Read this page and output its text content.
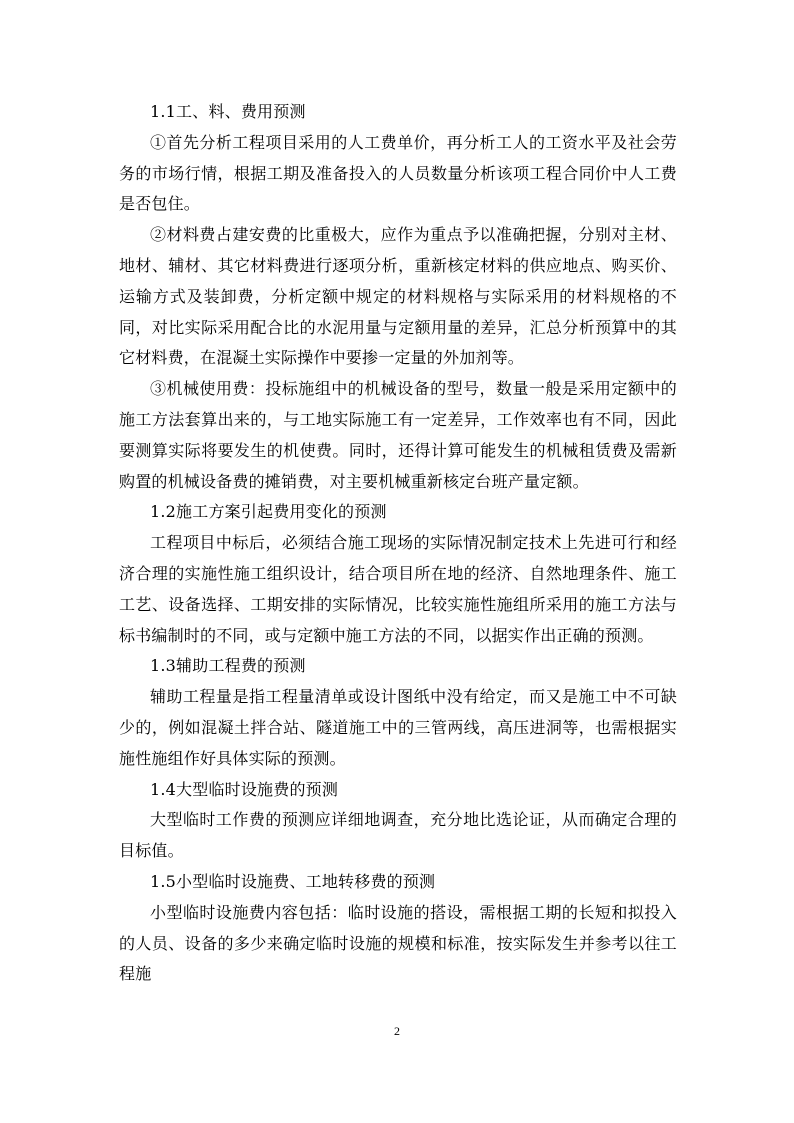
1.1工、料、费用预测

①首先分析工程项目采用的人工费单价，再分析工人的工资水平及社会劳务的市场行情，根据工期及准备投入的人员数量分析该项工程合同价中人工费是否包住。

②材料费占建安费的比重极大，应作为重点予以准确把握，分别对主材、地材、辅材、其它材料费进行逐项分析，重新核定材料的供应地点、购买价、运输方式及装卸费，分析定额中规定的材料规格与实际采用的材料规格的不同，对比实际采用配合比的水泥用量与定额用量的差异，汇总分析预算中的其它材料费，在混凝土实际操作中要掺一定量的外加剂等。

③机械使用费：投标施组中的机械设备的型号，数量一般是采用定额中的施工方法套算出来的，与工地实际施工有一定差异，工作效率也有不同，因此要测算实际将要发生的机使费。同时，还得计算可能发生的机械租赁费及需新购置的机械设备费的摊销费，对主要机械重新核定台班产量定额。

1.2施工方案引起费用变化的预测

工程项目中标后，必须结合施工现场的实际情况制定技术上先进可行和经济合理的实施性施工组织设计，结合项目所在地的经济、自然地理条件、施工工艺、设备选择、工期安排的实际情况，比较实施性施组所采用的施工方法与标书编制时的不同，或与定额中施工方法的不同，以据实作出正确的预测。

1.3辅助工程费的预测

辅助工程量是指工程量清单或设计图纸中没有给定，而又是施工中不可缺少的，例如混凝土拌合站、隧道施工中的三管两线，高压进洞等，也需根据实施性施组作好具体实际的预测。

1.4大型临时设施费的预测

大型临时工作费的预测应详细地调查，充分地比选论证，从而确定合理的目标值。

1.5小型临时设施费、工地转移费的预测

小型临时设施费内容包括：临时设施的搭设，需根据工期的长短和拟投入的人员、设备的多少来确定临时设施的规模和标准，按实际发生并参考以往工程施

2
